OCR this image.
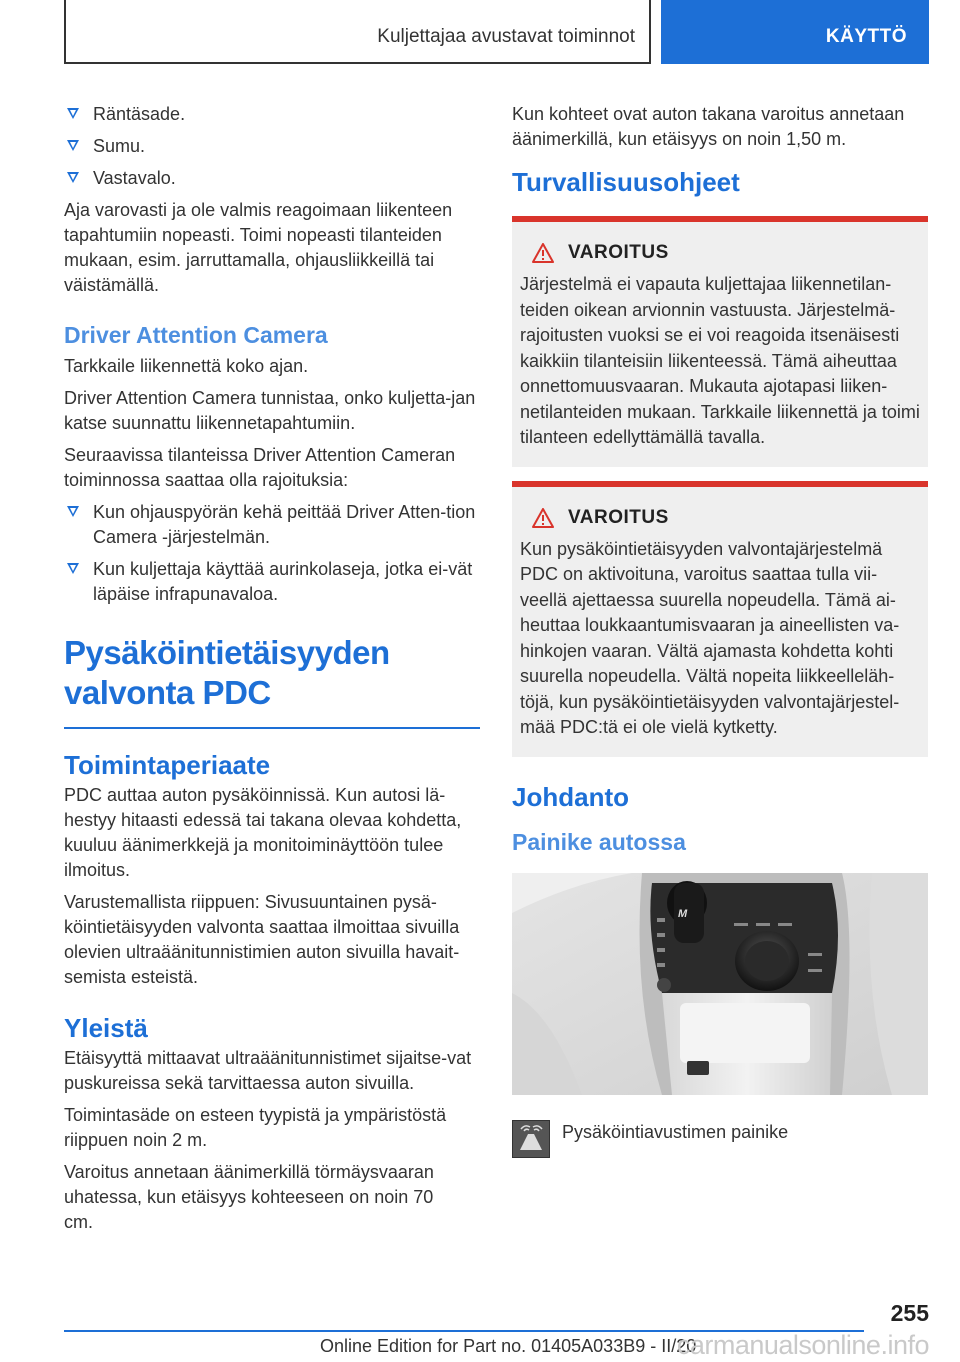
Kuljettajaa avustavat toiminnot	KÄYTTÖ
Räntäsade.
Sumu.
Vastavalo.

Aja varovasti ja ole valmis reagoimaan liikenteen tapahtumiin nopeasti. Toimi nopeasti tilanteiden mukaan, esim. jarruttamalla, ohjausliikkeillä tai väistämällä.

Driver Attention Camera

Tarkkaile liikennettä koko ajan.

Driver Attention Camera tunnistaa, onko kuljetta-jan katse suunnattu liikennetapahtumiin.

Seuraavissa tilanteissa Driver Attention Cameran toiminnossa saattaa olla rajoituksia:

Kun ohjauspyörän kehä peittää Driver Atten-tion Camera -järjestelmän.
Kun kuljettaja käyttää aurinkolaseja, jotka ei-vät läpäise infrapunavaloa.
Pysäköintietäisyyden valvonta PDC
Toimintaperiaate

PDC auttaa auton pysäköinnissä. Kun autosi lä-hestyy hitaasti edessä tai takana olevaa kohdetta, kuuluu äänimerkkejä ja monitoiminäyttöön tulee ilmoitus.

Varustemallista riippuen: Sivusuuntainen pysä-köintietäisyyden valvonta saattaa ilmoittaa sivuilla olevien ultraäänitunnistimien auton sivuilla havait-semista esteistä.

Yleistä

Etäisyyttä mittaavat ultraäänitunnistimet sijaitse-vat puskureissa sekä tarvittaessa auton sivuilla.

Toimintasäde on esteen tyypistä ja ympäristöstä riippuen noin 2 m.

Varoitus annetaan äänimerkillä törmäysvaaran uhatessa, kun etäisyys kohteeseen on noin 70 cm.

Kun kohteet ovat auton takana varoitus annetaan äänimerkillä, kun etäisyys on noin 1,50 m.

Turvallisuusohjeet
VAROITUS

Järjestelmä ei vapauta kuljettajaa liikennetilan-teiden oikean arvionnin vastuusta. Järjestelmä-rajoitusten vuoksi se ei voi reagoida itsenäisesti kaikkiin tilanteisiin liikenteessä. Tämä aiheuttaa onnettomuusvaaran. Mukauta ajotapasi liiken-netilanteiden mukaan. Tarkkaile liikennettä ja toimi tilanteen edellyttämällä tavalla.

VAROITUS

Kun pysäköintietäisyyden valvontajärjestelmä PDC on aktivoituna, varoitus saattaa tulla vii-veellä ajettaessa suurella nopeudella. Tämä ai-heuttaa loukkaantumisvaaran ja aineellisten va-hinkojen vaaran. Vältä ajamasta kohdetta kohti suurella nopeudella. Vältä nopeita liikkeelleläh-töjä, kun pysäköintietäisyyden valvontajärjestel-mää PDC:tä ei ole vielä kytketty.

Johdanto
Painike autossa
M
Pysäköintiavustimen painike
255
Online Edition for Part no. 01405A033B9 - II/20
carmanualsonline.info
